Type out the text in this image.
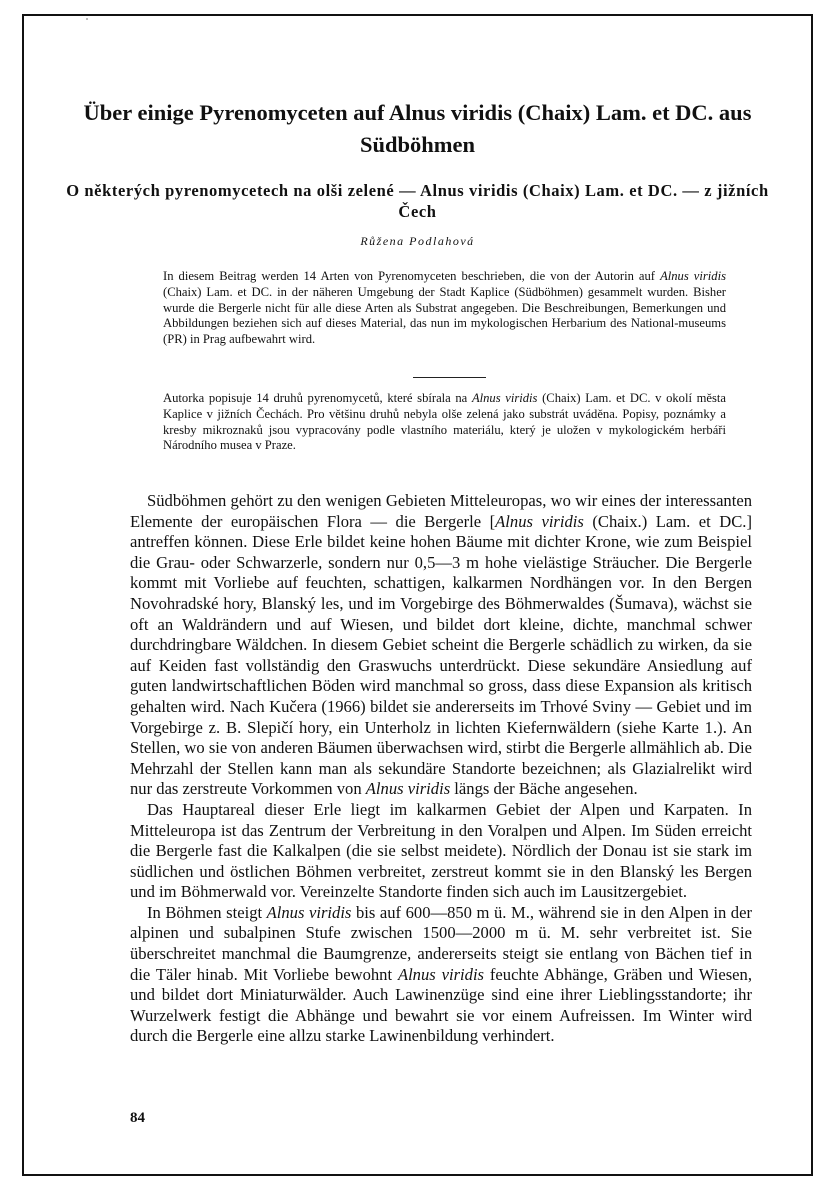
Über einige Pyrenomyceten auf Alnus viridis (Chaix) Lam. et DC. aus Südböhmen
O některých pyrenomycetech na olši zelené — Alnus viridis (Chaix) Lam. et DC. — z jižních Čech

Růžena Podlahová

In diesem Beitrag werden 14 Arten von Pyrenomyceten beschrieben, die von der Autorin auf Alnus viridis (Chaix) Lam. et DC. in der näheren Umgebung der Stadt Kaplice (Südböhmen) gesammelt wurden. Bisher wurde die Bergerle nicht für alle diese Arten als Substrat angegeben. Die Beschreibungen, Bemerkungen und Abbildungen beziehen sich auf dieses Material, das nun im mykologischen Herbarium des National-museums (PR) in Prag aufbewahrt wird.

Autorka popisuje 14 druhů pyrenomycetů, které sbírala na Alnus viridis (Chaix) Lam. et DC. v okolí města Kaplice v jižních Čechách. Pro většinu druhů nebyla olše zelená jako substrát uváděna. Popisy, poznámky a kresby mikroznaků jsou vypracovány podle vlastního materiálu, který je uložen v mykologickém herbáři Národního musea v Praze.

Südböhmen gehört zu den wenigen Gebieten Mitteleuropas, wo wir eines der interessanten Elemente der europäischen Flora — die Bergerle [Alnus viridis (Chaix.) Lam. et DC.] antreffen können. Diese Erle bildet keine hohen Bäume mit dichter Krone, wie zum Beispiel die Grau- oder Schwarzerle, sondern nur 0,5—3 m hohe vielästige Sträucher. Die Bergerle kommt mit Vorliebe auf feuchten, schattigen, kalkarmen Nordhängen vor. In den Bergen Novohradské hory, Blanský les, und im Vorgebirge des Böhmerwaldes (Šumava), wächst sie oft an Waldrändern und auf Wiesen, und bildet dort kleine, dichte, manchmal schwer durchdringbare Wäldchen. In diesem Gebiet scheint die Bergerle schädlich zu wirken, da sie auf Keiden fast vollständig den Graswuchs unterdrückt. Diese sekundäre Ansiedlung auf guten landwirtschaftlichen Böden wird manchmal so gross, dass diese Expansion als kritisch gehalten wird. Nach Kučera (1966) bildet sie andererseits im Trhové Sviny — Gebiet und im Vorgebirge z. B. Slepičí hory, ein Unterholz in lichten Kiefernwäldern (siehe Karte 1.). An Stellen, wo sie von anderen Bäumen überwachsen wird, stirbt die Bergerle allmählich ab. Die Mehrzahl der Stellen kann man als sekundäre Standorte bezeichnen; als Glazialrelikt wird nur das zerstreute Vorkommen von Alnus viridis längs der Bäche angesehen.

Das Hauptareal dieser Erle liegt im kalkarmen Gebiet der Alpen und Karpaten. In Mitteleuropa ist das Zentrum der Verbreitung in den Voralpen und Alpen. Im Süden erreicht die Bergerle fast die Kalkalpen (die sie selbst meidete). Nördlich der Donau ist sie stark im südlichen und östlichen Böhmen verbreitet, zerstreut kommt sie in den Blanský les Bergen und im Böhmerwald vor. Vereinzelte Standorte finden sich auch im Lausitzergebiet.

In Böhmen steigt Alnus viridis bis auf 600—850 m ü. M., während sie in den Alpen in der alpinen und subalpinen Stufe zwischen 1500—2000 m ü. M. sehr verbreitet ist. Sie überschreitet manchmal die Baumgrenze, andererseits steigt sie entlang von Bächen tief in die Täler hinab. Mit Vorliebe bewohnt Alnus viridis feuchte Abhänge, Gräben und Wiesen, und bildet dort Miniaturwälder. Auch Lawinenzüge sind eine ihrer Lieblingsstandorte; ihr Wurzelwerk festigt die Abhänge und bewahrt sie vor einem Aufreissen. Im Winter wird durch die Bergerle eine allzu starke Lawinenbildung verhindert.

84
